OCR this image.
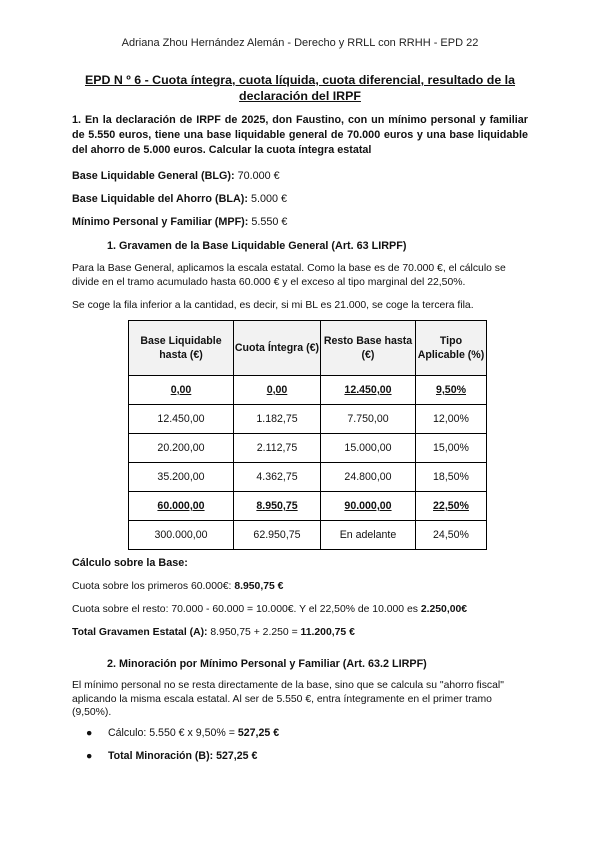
Adriana Zhou Hernández Alemán - Derecho y RRLL con RRHH - EPD 22
EPD N º 6 - Cuota íntegra, cuota líquida, cuota diferencial, resultado de la declaración del IRPF
1. En la declaración de IRPF de 2025, don Faustino, con un mínimo personal y familiar de 5.550 euros, tiene una base liquidable general de 70.000 euros y una base liquidable del ahorro de 5.000 euros. Calcular la cuota íntegra estatal
Base Liquidable General (BLG): 70.000 €
Base Liquidable del Ahorro (BLA): 5.000 €
Mínimo Personal y Familiar (MPF): 5.550 €
1. Gravamen de la Base Liquidable General (Art. 63 LIRPF)
Para la Base General, aplicamos la escala estatal. Como la base es de 70.000 €, el cálculo se divide en el tramo acumulado hasta 60.000 € y el exceso al tipo marginal del 22,50%.
Se coge la fila inferior a la cantidad, es decir, si mi BL es 21.000, se coge la tercera fila.
Base Liquidable hasta (€)	Cuota Íntegra (€)	Resto Base hasta (€)	Tipo Aplicable (%)
0,00	0,00	12.450,00	9,50%
12.450,00	1.182,75	7.750,00	12,00%
20.200,00	2.112,75	15.000,00	15,00%
35.200,00	4.362,75	24.800,00	18,50%
60.000,00	8.950,75	90.000,00	22,50%
300.000,00	62.950,75	En adelante	24,50%
Cálculo sobre la Base:
Cuota sobre los primeros 60.000€: 8.950,75 €
Cuota sobre el resto: 70.000 - 60.000 = 10.000€. Y el 22,50% de 10.000 es 2.250,00€
Total Gravamen Estatal (A): 8.950,75 + 2.250 = 11.200,75 €
2. Minoración por Mínimo Personal y Familiar (Art. 63.2 LIRPF)
El mínimo personal no se resta directamente de la base, sino que se calcula su "ahorro fiscal" aplicando la misma escala estatal. Al ser de 5.550 €, entra íntegramente en el primer tramo (9,50%).
● Cálculo: 5.550 € x 9,50% = 527,25 €
● Total Minoración (B): 527,25 €
